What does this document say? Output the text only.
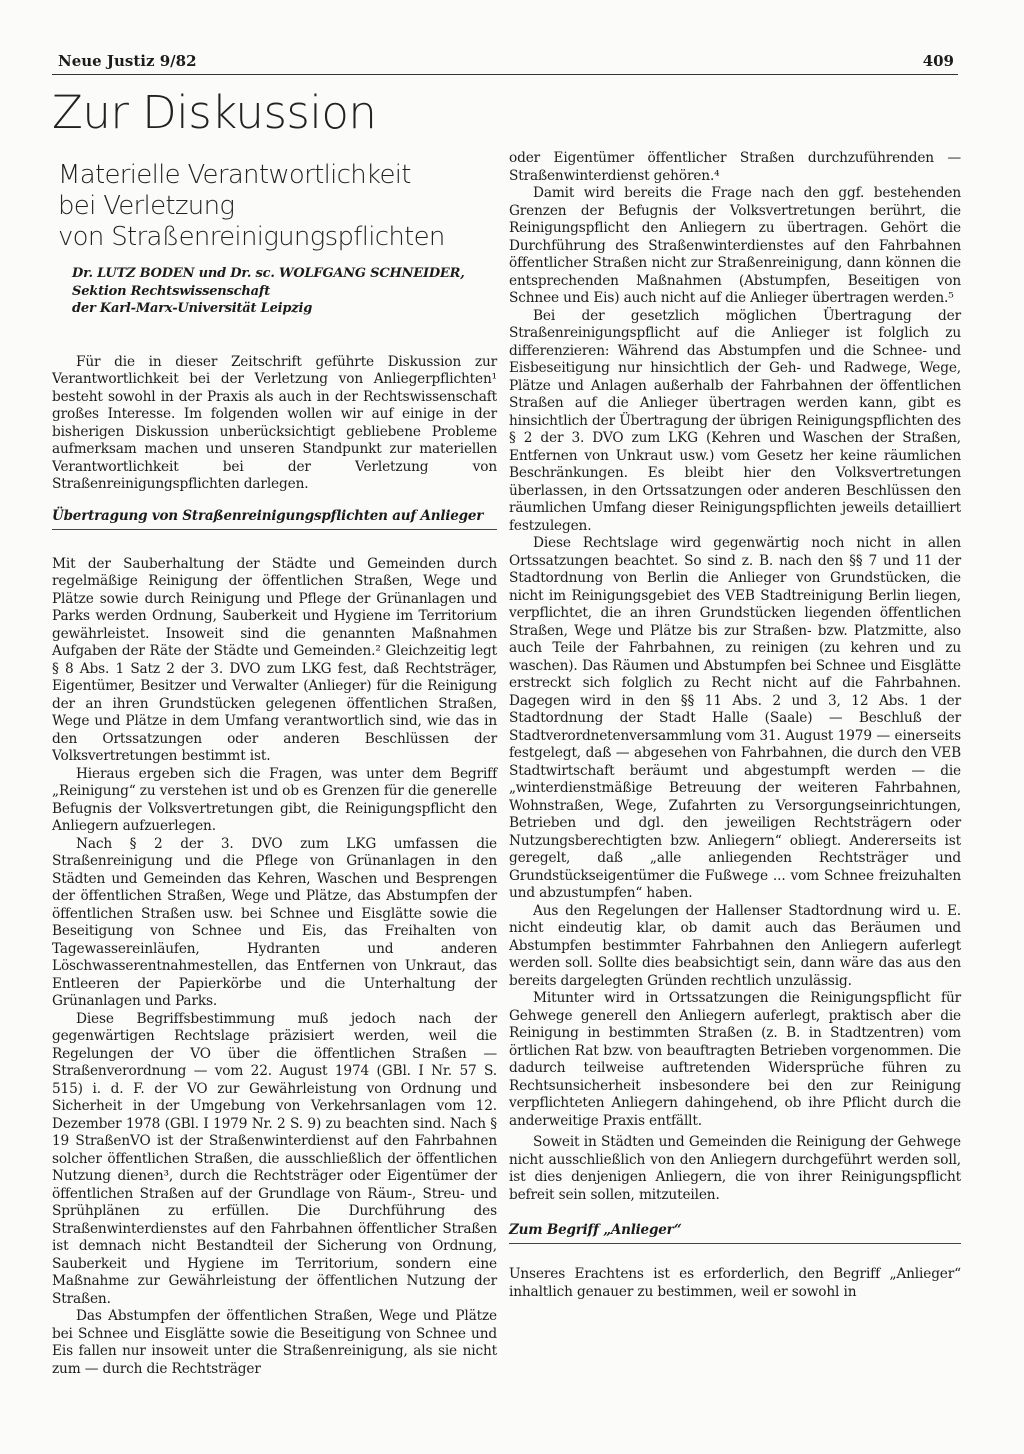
Neue Justiz 9/82	409
Zur Diskussion
Materielle Verantwortlichkeit
bei Verletzung
von Straßenreinigungspflichten
Dr. LUTZ BODEN und Dr. sc. WOLFGANG SCHNEIDER,
Sektion Rechtswissenschaft
der Karl-Marx-Universität Leipzig

Für die in dieser Zeitschrift geführte Diskussion zur Verantwortlichkeit bei der Verletzung von Anliegerpflichten¹ besteht sowohl in der Praxis als auch in der Rechtswissenschaft großes Interesse. Im folgenden wollen wir auf einige in der bisherigen Diskussion unberücksichtigt gebliebene Probleme aufmerksam machen und unseren Standpunkt zur materiellen Verantwortlichkeit bei der Verletzung von Straßenreinigungspflichten darlegen.

Übertragung von Straßenreinigungspflichten auf Anlieger

Mit der Sauberhaltung der Städte und Gemeinden durch regelmäßige Reinigung der öffentlichen Straßen, Wege und Plätze sowie durch Reinigung und Pflege der Grünanlagen und Parks werden Ordnung, Sauberkeit und Hygiene im Territorium gewährleistet. Insoweit sind die genannten Maßnahmen Aufgaben der Räte der Städte und Gemeinden.² Gleichzeitig legt § 8 Abs. 1 Satz 2 der 3. DVO zum LKG fest, daß Rechtsträger, Eigentümer, Besitzer und Verwalter (Anlieger) für die Reinigung der an ihren Grundstücken gelegenen öffentlichen Straßen, Wege und Plätze in dem Umfang verantwortlich sind, wie das in den Ortssatzungen oder anderen Beschlüssen der Volksvertretungen bestimmt ist.

Hieraus ergeben sich die Fragen, was unter dem Begriff „Reinigung“ zu verstehen ist und ob es Grenzen für die generelle Befugnis der Volksvertretungen gibt, die Reinigungspflicht den Anliegern aufzuerlegen.

Nach § 2 der 3. DVO zum LKG umfassen die Straßenreinigung und die Pflege von Grünanlagen in den Städten und Gemeinden das Kehren, Waschen und Besprengen der öffentlichen Straßen, Wege und Plätze, das Abstumpfen der öffentlichen Straßen usw. bei Schnee und Eisglätte sowie die Beseitigung von Schnee und Eis, das Freihalten von Tagewassereinläufen, Hydranten und anderen Löschwasserentnahmestellen, das Entfernen von Unkraut, das Entleeren der Papierkörbe und die Unterhaltung der Grünanlagen und Parks.

Diese Begriffsbestimmung muß jedoch nach der gegenwärtigen Rechtslage präzisiert werden, weil die Regelungen der VO über die öffentlichen Straßen — Straßenverordnung — vom 22. August 1974 (GBl. I Nr. 57 S. 515) i. d. F. der VO zur Gewährleistung von Ordnung und Sicherheit in der Umgebung von Verkehrsanlagen vom 12. Dezember 1978 (GBl. I 1979 Nr. 2 S. 9) zu beachten sind. Nach § 19 StraßenVO ist der Straßenwinterdienst auf den Fahrbahnen solcher öffentlichen Straßen, die ausschließlich der öffentlichen Nutzung dienen³, durch die Rechtsträger oder Eigentümer der öffentlichen Straßen auf der Grundlage von Räum-, Streu- und Sprühplänen zu erfüllen. Die Durchführung des Straßenwinterdienstes auf den Fahrbahnen öffentlicher Straßen ist demnach nicht Bestandteil der Sicherung von Ordnung, Sauberkeit und Hygiene im Territorium, sondern eine Maßnahme zur Gewährleistung der öffentlichen Nutzung der Straßen.

Das Abstumpfen der öffentlichen Straßen, Wege und Plätze bei Schnee und Eisglätte sowie die Beseitigung von Schnee und Eis fallen nur insoweit unter die Straßenreinigung, als sie nicht zum — durch die Rechtsträger

oder Eigentümer öffentlicher Straßen durchzuführenden — Straßenwinterdienst gehören.⁴

Damit wird bereits die Frage nach den ggf. bestehenden Grenzen der Befugnis der Volksvertretungen berührt, die Reinigungspflicht den Anliegern zu übertragen. Gehört die Durchführung des Straßenwinterdienstes auf den Fahrbahnen öffentlicher Straßen nicht zur Straßenreinigung, dann können die entsprechenden Maßnahmen (Abstumpfen, Beseitigen von Schnee und Eis) auch nicht auf die Anlieger übertragen werden.⁵

Bei der gesetzlich möglichen Übertragung der Straßenreinigungspflicht auf die Anlieger ist folglich zu differenzieren: Während das Abstumpfen und die Schnee- und Eisbeseitigung nur hinsichtlich der Geh- und Radwege, Wege, Plätze und Anlagen außerhalb der Fahrbahnen der öffentlichen Straßen auf die Anlieger übertragen werden kann, gibt es hinsichtlich der Übertragung der übrigen Reinigungspflichten des § 2 der 3. DVO zum LKG (Kehren und Waschen der Straßen, Entfernen von Unkraut usw.) vom Gesetz her keine räumlichen Beschränkungen. Es bleibt hier den Volksvertretungen überlassen, in den Ortssatzungen oder anderen Beschlüssen den räumlichen Umfang dieser Reinigungspflichten jeweils detailliert festzulegen.

Diese Rechtslage wird gegenwärtig noch nicht in allen Ortssatzungen beachtet. So sind z. B. nach den §§ 7 und 11 der Stadtordnung von Berlin die Anlieger von Grundstücken, die nicht im Reinigungsgebiet des VEB Stadtreinigung Berlin liegen, verpflichtet, die an ihren Grundstücken liegenden öffentlichen Straßen, Wege und Plätze bis zur Straßen- bzw. Platzmitte, also auch Teile der Fahrbahnen, zu reinigen (zu kehren und zu waschen). Das Räumen und Abstumpfen bei Schnee und Eisglätte erstreckt sich folglich zu Recht nicht auf die Fahrbahnen. Dagegen wird in den §§ 11 Abs. 2 und 3, 12 Abs. 1 der Stadtordnung der Stadt Halle (Saale) — Beschluß der Stadtverordnetenversammlung vom 31. August 1979 — einerseits festgelegt, daß — abgesehen von Fahrbahnen, die durch den VEB Stadtwirtschaft beräumt und abgestumpft werden — die „winterdienstmäßige Betreuung der weiteren Fahrbahnen, Wohnstraßen, Wege, Zufahrten zu Versorgungseinrichtungen, Betrieben und dgl. den jeweiligen Rechtsträgern oder Nutzungsberechtigten bzw. Anliegern“ obliegt. Andererseits ist geregelt, daß „alle anliegenden Rechtsträger und Grundstückseigentümer die Fußwege ... vom Schnee freizuhalten und abzustumpfen“ haben.

Aus den Regelungen der Hallenser Stadtordnung wird u. E. nicht eindeutig klar, ob damit auch das Beräumen und Abstumpfen bestimmter Fahrbahnen den Anliegern auferlegt werden soll. Sollte dies beabsichtigt sein, dann wäre das aus den bereits dargelegten Gründen rechtlich unzulässig.

Mitunter wird in Ortssatzungen die Reinigungspflicht für Gehwege generell den Anliegern auferlegt, praktisch aber die Reinigung in bestimmten Straßen (z. B. in Stadtzentren) vom örtlichen Rat bzw. von beauftragten Betrieben vorgenommen. Die dadurch teilweise auftretenden Widersprüche führen zu Rechtsunsicherheit insbesondere bei den zur Reinigung verpflichteten Anliegern dahingehend, ob ihre Pflicht durch die anderweitige Praxis entfällt.

Soweit in Städten und Gemeinden die Reinigung der Gehwege nicht ausschließlich von den Anliegern durchgeführt werden soll, ist dies denjenigen Anliegern, die von ihrer Reinigungspflicht befreit sein sollen, mitzuteilen.

Zum Begriff „Anlieger“

Unseres Erachtens ist es erforderlich, den Begriff „Anlieger“ inhaltlich genauer zu bestimmen, weil er sowohl in
